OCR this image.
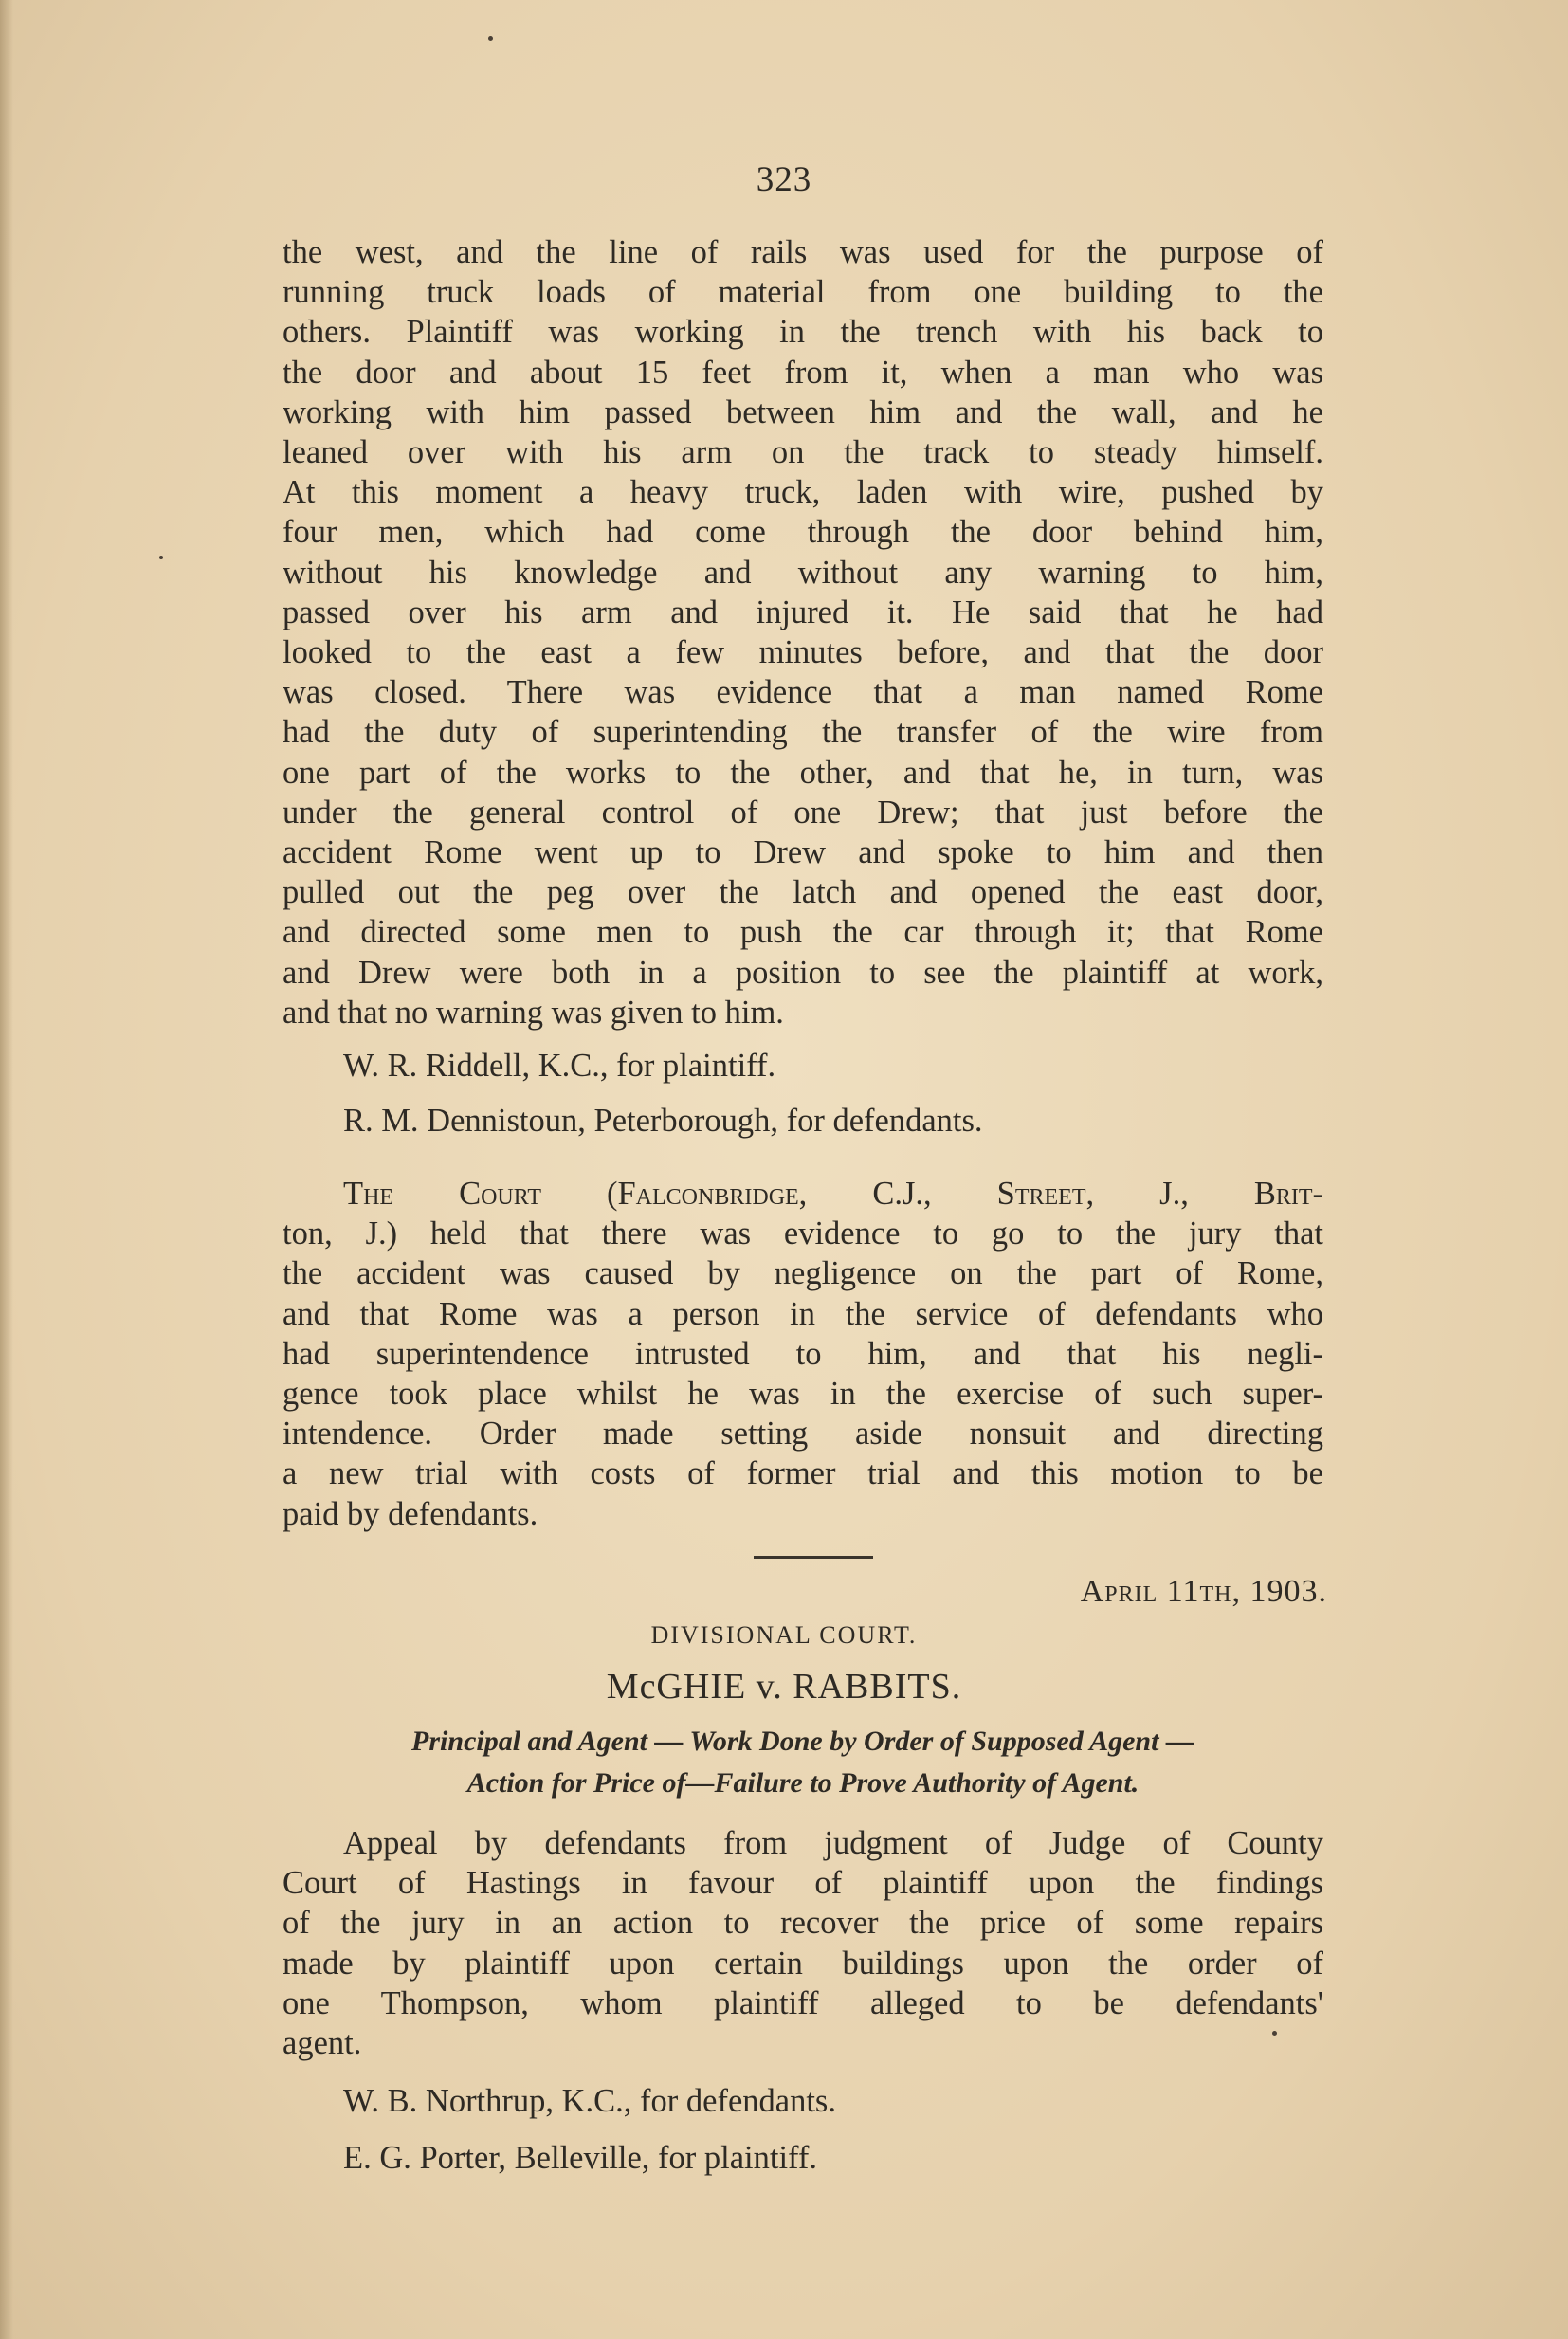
323
the west, and the line of rails was used for the purpose of
running truck loads of material from one building to the
others. Plaintiff was working in the trench with his back to
the door and about 15 feet from it, when a man who was
working with him passed between him and the wall, and he
leaned over with his arm on the track to steady himself.
At this moment a heavy truck, laden with wire, pushed by
four men, which had come through the door behind him,
without his knowledge and without any warning to him,
passed over his arm and injured it. He said that he had
looked to the east a few minutes before, and that the door
was closed. There was evidence that a man named Rome
had the duty of superintending the transfer of the wire from
one part of the works to the other, and that he, in turn, was
under the general control of one Drew; that just before the
accident Rome went up to Drew and spoke to him and then
pulled out the peg over the latch and opened the east door,
and directed some men to push the car through it; that Rome
and Drew were both in a position to see the plaintiff at work,
and that no warning was given to him.

W. R. Riddell, K.C., for plaintiff.

R. M. Dennistoun, Peterborough, for defendants.

The Court (Falconbridge, C.J., Street, J., Brit-
ton, J.) held that there was evidence to go to the jury that
the accident was caused by negligence on the part of Rome,
and that Rome was a person in the service of defendants who
had superintendence intrusted to him, and that his negli-
gence took place whilst he was in the exercise of such super-
intendence. Order made setting aside nonsuit and directing
a new trial with costs of former trial and this motion to be
paid by defendants.

April 11th, 1903.

DIVISIONAL COURT.

McGHIE v. RABBITS.

Principal and Agent — Work Done by Order of Supposed Agent —
Action for Price of—Failure to Prove Authority of Agent.
Appeal by defendants from judgment of Judge of County
Court of Hastings in favour of plaintiff upon the findings
of the jury in an action to recover the price of some repairs
made by plaintiff upon certain buildings upon the order of
one Thompson, whom plaintiff alleged to be defendants'
agent.

W. B. Northrup, K.C., for defendants.

E. G. Porter, Belleville, for plaintiff.
